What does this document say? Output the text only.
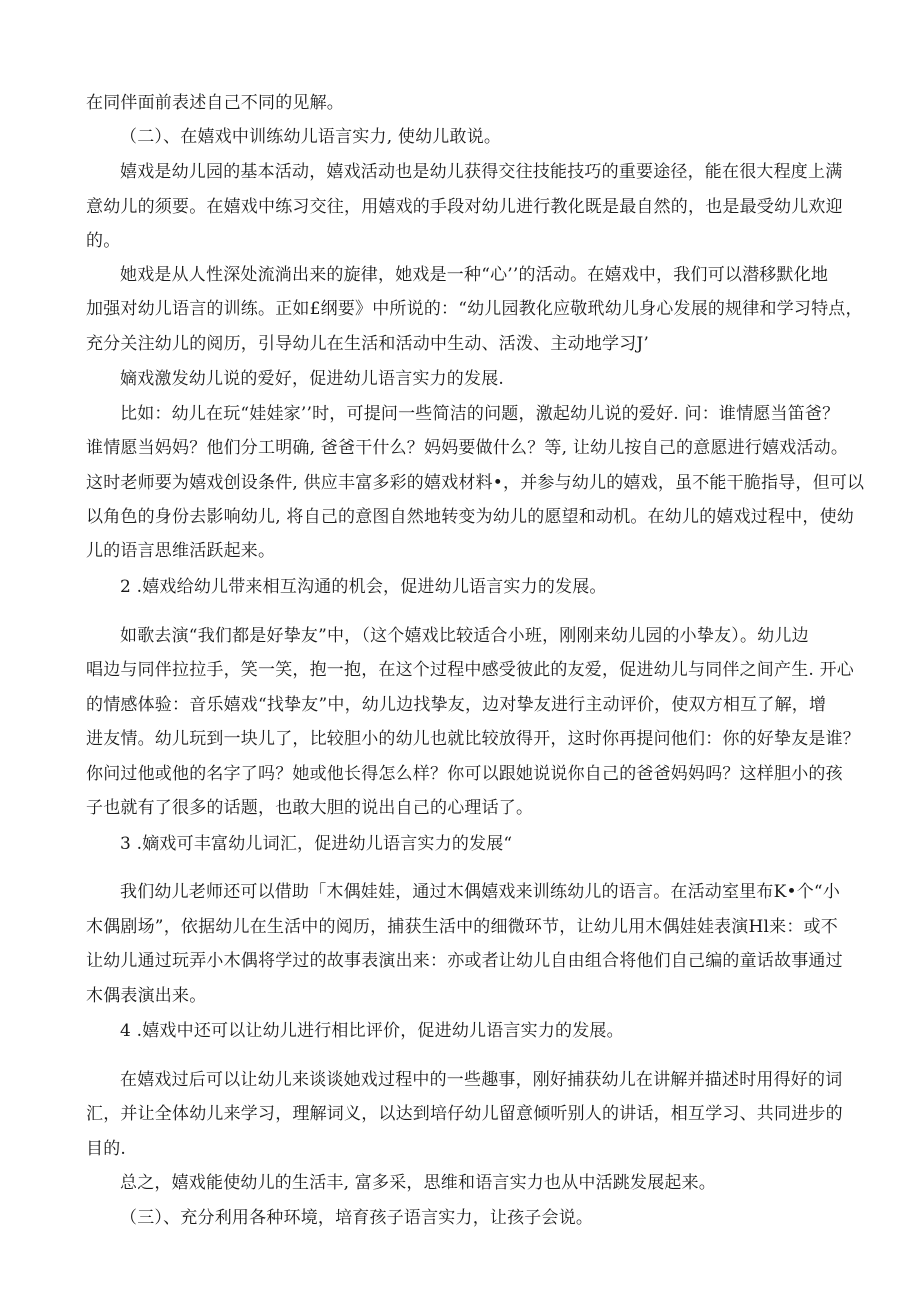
在同伴面前表述自己不同的见解。
（二）、在嬉戏中训练幼儿语言实力, 使幼儿敢说。
嬉戏是幼儿园的基本活动，嬉戏活动也是幼儿获得交往技能技巧的重要途径，能在很大程度上满
意幼儿的须要。在嬉戏中练习交往，用嬉戏的手段对幼儿进行教化既是最自然的，也是最受幼儿欢迎
的。
她戏是从人性深处流淌出来的旋律，她戏是一种“心’’的活动。在嬉戏中，我们可以潜移默化地
加强对幼儿语言的训练。正如£纲要》中所说的：“幼儿园教化应敬玳幼儿身心发展的规律和学习特点，
充分关注幼儿的阅历，引导幼儿在生活和活动中生动、活泼、主动地学习J’
嫡戏激发幼儿说的爱好，促进幼儿语言实力的发展.
比如：幼儿在玩“娃娃家’’时，可提问一些简洁的问题，激起幼儿说的爱好. 问：谁情愿当笛爸？
谁情愿当妈妈？他们分工明确, 爸爸干什么？妈妈要做什么？等, 让幼儿按自己的意愿进行嬉戏活动。
这时老师要为嬉戏创设条件, 供应丰富多彩的嬉戏材料•，并参与幼儿的嬉戏，虽不能干脆指导，但可以
以角色的身份去影响幼儿, 将自己的意图自然地转变为幼儿的愿望和动机。在幼儿的嬉戏过程中，使幼
儿的语言思维活跃起来。
2 .嬉戏给幼儿带来相互沟通的机会，促进幼儿语言实力的发展。
如歌去演“我们都是好挚友”中，（这个嬉戏比较适合小班，刚刚来幼儿园的小挚友）。幼儿边
唱边与同伴拉拉手，笑一笑，抱一抱，在这个过程中感受彼此的友爱，促进幼儿与同伴之间产生. 开心
的情感体验：音乐嬉戏“找挚友”中，幼儿边找挚友，边对挚友进行主动评价，使双方相互了解，增
进友情。幼儿玩到一块儿了，比较胆小的幼儿也就比较放得开，这时你再提问他们：你的好挚友是谁？
你问过他或他的名字了吗？她或他长得怎么样？你可以跟她说说你自己的爸爸妈妈吗？这样胆小的孩
子也就有了很多的话题，也敢大胆的说出自己的心理话了。
3 .嫡戏可丰富幼儿词汇，促进幼儿语言实力的发展“
我们幼儿老师还可以借助「木偶娃娃，通过木偶嬉戏来训练幼儿的语言。在活动室里布K•个“小
木偶剧场”，依据幼儿在生活中的阅历，捕获生活中的细微环节，让幼儿用木偶娃娃表演Hl来：或不
让幼儿通过玩弄小木偶将学过的故事表演出来：亦或者让幼儿自由组合将他们自己编的童话故事通过
木偶表演出来。
4 .嬉戏中还可以让幼儿进行相比评价，促进幼儿语言实力的发展。
在嬉戏过后可以让幼儿来谈谈她戏过程中的一些趣事，刚好捕获幼儿在讲解并描述时用得好的词
汇，并让全体幼儿来学习，理解词义，以达到培仔幼儿留意倾听别人的讲话，相互学习、共同进步的
目的.
总之，嬉戏能使幼儿的生活丰, 富多采，思维和语言实力也从中活跳发展起来。
（三）、充分利用各种环境，培育孩子语言实力，让孩子会说。
